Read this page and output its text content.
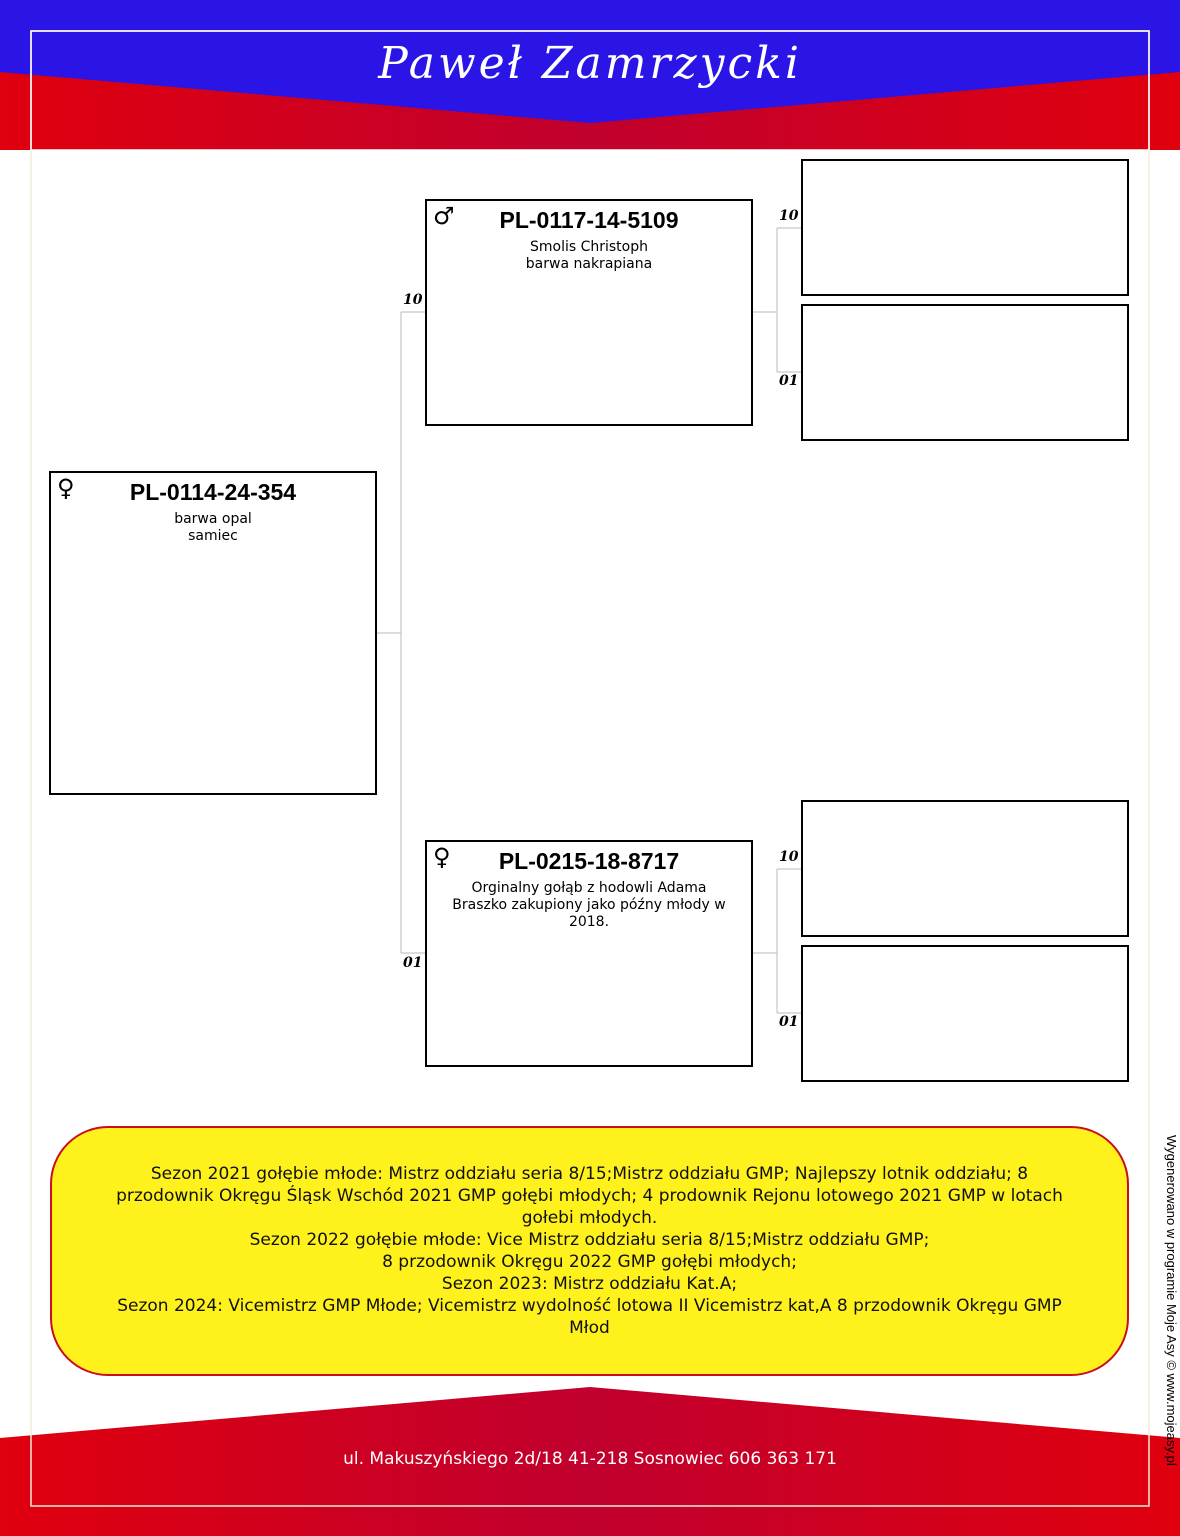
Paweł Zamrzycki
♀	PL-0114-24-354
barwa opal
samiec
10
♂	PL-0117-14-5109
Smolis Christoph
barwa nakrapiana
01
♀	PL-0215-18-8717
Orginalny gołąb z hodowli Adama Braszko zakupiony jako późny młody w 2018.
10
01
10
01
Sezon 2021 gołębie młode: Mistrz oddziału seria 8/15;Mistrz oddziału GMP; Najlepszy lotnik oddziału; 8 przodownik Okręgu Śląsk Wschód 2021 GMP gołębi młodych; 4 prodownik Rejonu lotowego 2021 GMP w lotach gołebi młodych.
Sezon 2022 gołębie młode: Vice Mistrz oddziału seria 8/15;Mistrz oddziału GMP;
8 przodownik Okręgu 2022 GMP gołębi młodych;
Sezon 2023: Mistrz oddziału Kat.A;
Sezon 2024: Vicemistrz GMP Młode; Vicemistrz wydolność lotowa II Vicemistrz kat,A 8 przodownik Okręgu GMP Młod
ul. Makuszyńskiego 2d/18 41-218 Sosnowiec 606 363 171	Wygenerowano w programie Moje Asy © www.mojeasy.pl
